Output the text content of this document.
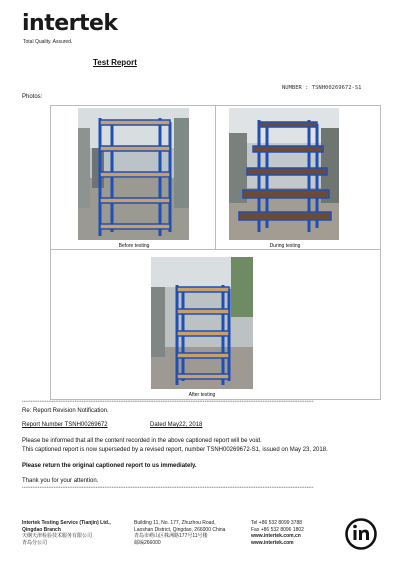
intertek
Total Quality. Assured.
Test Report
NUMBER : TSNH00269672-S1
Photos:
Before testing	During testing
After testing
**********************************************************************************************************************************************************************
Re: Report Revision Notification.
Report Number TSNH00269672	Dated May22, 2018
Please be informed that all the content recorded in the above captioned report will be void.
This captioned report is now superseded by a revised report, number TSNH00269672-S1, issued on May 23, 2018.
Please return the original captioned report to us immediately.
Thank you for your attention.
**********************************************************************************************************************************************************************
Intertek Testing Service (Tianjin) Ltd.,
Qingdao Branch
天纲天津检验技术服务有限公司
青岛分公司
Building 11, No. 177, Zhuzhou Road,
Laoshan District, Qingdao, 266000 China
青岛市崂山区株洲路177号11号楼
邮编266000
Tel +86 532 8099 3788
Fax +86 532 8096 1802
www.intertek.com.cn
www.intertek.com
